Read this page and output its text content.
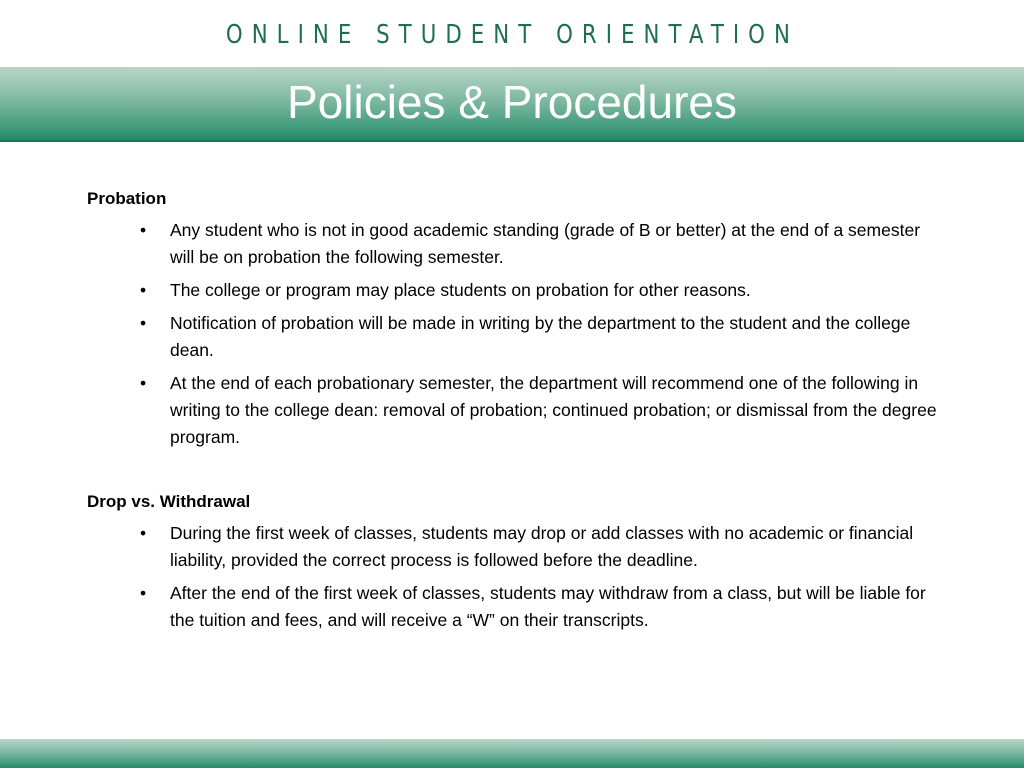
ONLINE STUDENT ORIENTATION
Policies & Procedures

Probation

• Any student who is not in good academic standing (grade of B or better) at the end of a semester will be on probation the following semester.
• The college or program may place students on probation for other reasons.
• Notification of probation will be made in writing by the department to the student and the college dean.
• At the end of each probationary semester, the department will recommend one of the following in writing to the college dean: removal of probation; continued probation; or dismissal from the degree program.

Drop vs. Withdrawal

• During the first week of classes, students may drop or add classes with no academic or financial liability, provided the correct process is followed before the deadline.
• After the end of the first week of classes, students may withdraw from a class, but will be liable for the tuition and fees, and will receive a “W” on their transcripts.
